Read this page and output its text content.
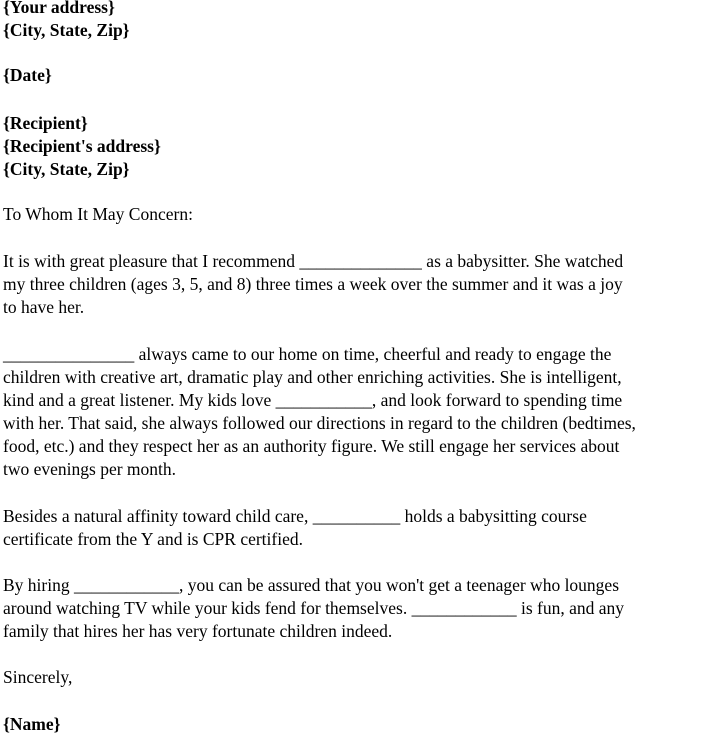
{Your address}
{City, State, Zip}
{Date}
{Recipient}
{Recipient's address}
{City, State, Zip}
To Whom It May Concern:
It is with great pleasure that I recommend ______________ as a babysitter. She watched
my three children (ages 3, 5, and 8) three times a week over the summer and it was a joy
to have her.
_______________ always came to our home on time, cheerful and ready to engage the
children with creative art, dramatic play and other enriching activities. She is intelligent,
kind and a great listener. My kids love ___________, and look forward to spending time
with her. That said, she always followed our directions in regard to the children (bedtimes,
food, etc.) and they respect her as an authority figure. We still engage her services about
two evenings per month.
Besides a natural affinity toward child care, __________ holds a babysitting course
certificate from the Y and is CPR certified.
By hiring ____________, you can be assured that you won't get a teenager who lounges
around watching TV while your kids fend for themselves. ____________ is fun, and any
family that hires her has very fortunate children indeed.
Sincerely,
{Name}
